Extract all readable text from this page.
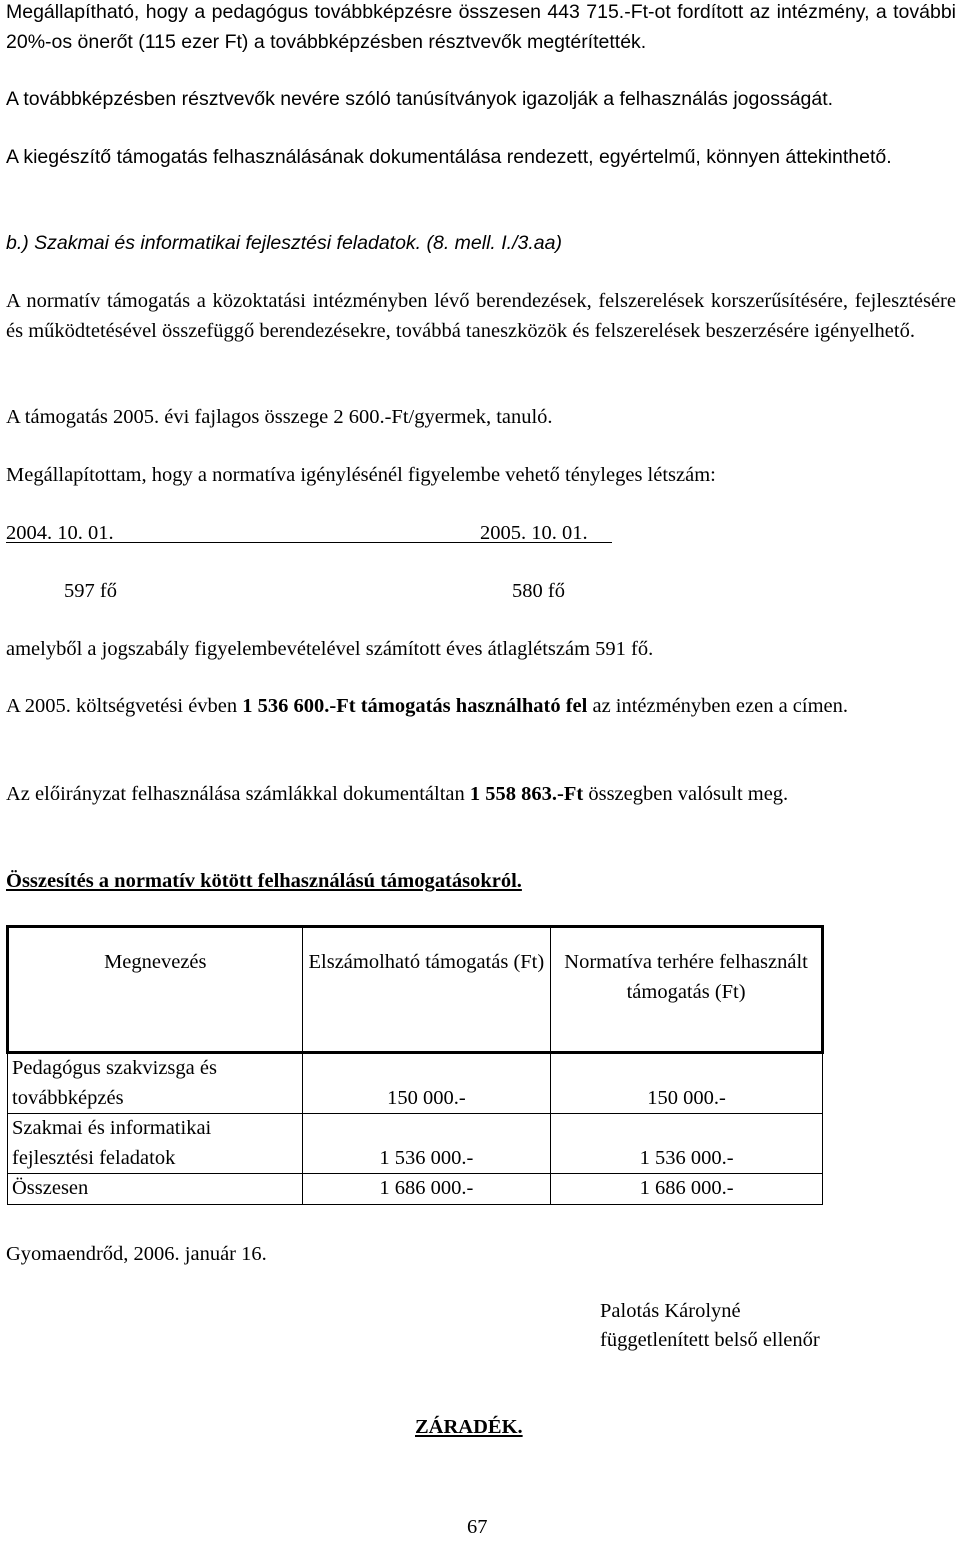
Megállapítható, hogy a pedagógus továbbképzésre összesen 443 715.-Ft-ot fordított az intézmény, a további 20%-os önerőt (115 ezer Ft) a továbbképzésben résztvevők megtérítették.

A továbbképzésben résztvevők nevére szóló tanúsítványok igazolják a felhasználás jogosságát.

A kiegészítő támogatás felhasználásának dokumentálása rendezett, egyértelmű, könnyen áttekinthető.

b.) Szakmai és informatikai fejlesztési feladatok. (8. mell. I./3.aa)

A normatív támogatás a közoktatási intézményben lévő berendezések, felszerelések korszerűsítésére, fejlesztésére és működtetésével összefüggő berendezésekre, továbbá taneszközök és felszerelések beszerzésére igényelhető.

A támogatás 2005. évi fajlagos összege 2 600.-Ft/gyermek, tanuló.

Megállapítottam, hogy a normatíva igénylésénél figyelembe vehető tényleges létszám:

2004. 10. 01.	2005. 10. 01.
597 fő	580 fő

amelyből a jogszabály figyelembevételével számított éves átlaglétszám 591 fő.

A 2005. költségvetési évben 1 536 600.-Ft támogatás használható fel az intézményben ezen a címen.

Az előirányzat felhasználása számlákkal dokumentáltan 1 558 863.-Ft összegben valósult meg.

Összesítés a normatív kötött felhasználású támogatásokról.

Megnevezés	Elszámolható támogatás (Ft)	Normatíva terhére felhasznált támogatás (Ft)
Pedagógus szakvizsga és
továbbképzés	150 000.-	150 000.-
Szakmai és informatikai
fejlesztési feladatok	1 536 000.-	1 536 000.-
Összesen	1 686 000.-	1 686 000.-

Gyomaendrőd, 2006. január 16.

Palotás Károlyné

függetlenített belső ellenőr

ZÁRADÉK.

67
